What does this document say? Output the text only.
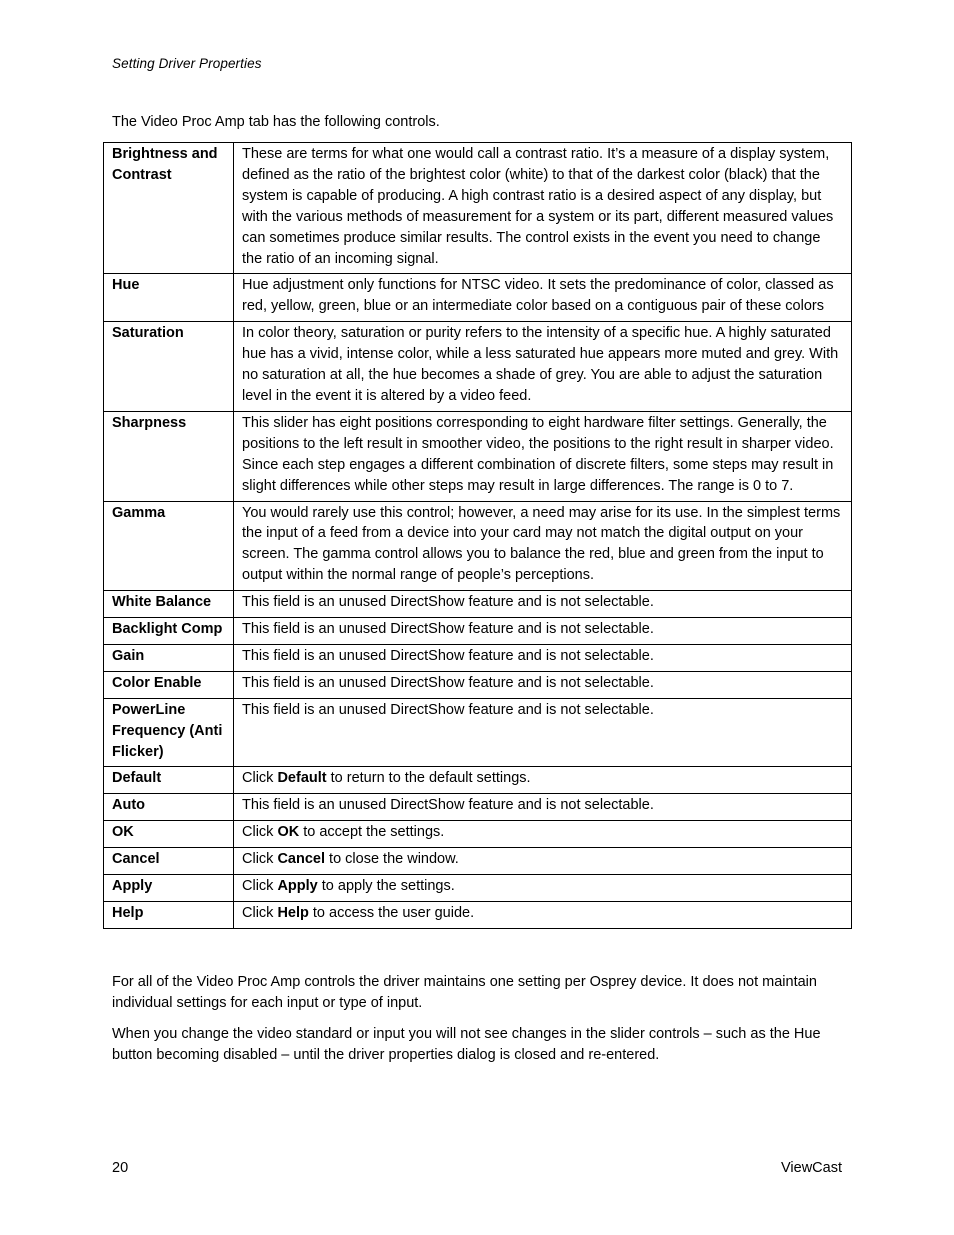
Setting Driver Properties
The Video Proc Amp tab has the following controls.
Brightness and Contrast	These are terms for what one would call a contrast ratio. It’s a measure of a display system, defined as the ratio of the brightest color (white) to that of the darkest color (black) that the system is capable of producing. A high contrast ratio is a desired aspect of any display, but with the various methods of measurement for a system or its part, different measured values can sometimes produce similar results. The control exists in the event you need to change the ratio of an incoming signal.
Hue	Hue adjustment only functions for NTSC video. It sets the predominance of color, classed as red, yellow, green, blue or an intermediate color based on a contiguous pair of these colors
Saturation	In color theory, saturation or purity refers to the intensity of a specific hue. A highly saturated hue has a vivid, intense color, while a less saturated hue appears more muted and grey. With no saturation at all, the hue becomes a shade of grey. You are able to adjust the saturation level in the event it is altered by a video feed.
Sharpness	This slider has eight positions corresponding to eight hardware filter settings. Generally, the positions to the left result in smoother video, the positions to the right result in sharper video. Since each step engages a different combination of discrete filters, some steps may result in slight differences while other steps may result in large differences. The range is 0 to 7.
Gamma	You would rarely use this control; however, a need may arise for its use. In the simplest terms the input of a feed from a device into your card may not match the digital output on your screen. The gamma control allows you to balance the red, blue and green from the input to output within the normal range of people’s perceptions.
White Balance	This field is an unused DirectShow feature and is not selectable.
Backlight Comp	This field is an unused DirectShow feature and is not selectable.
Gain	This field is an unused DirectShow feature and is not selectable.
Color Enable	This field is an unused DirectShow feature and is not selectable.
PowerLine Frequency (Anti Flicker)	This field is an unused DirectShow feature and is not selectable.
Default	Click Default to return to the default settings.
Auto	This field is an unused DirectShow feature and is not selectable.
OK	Click OK to accept the settings.
Cancel	Click Cancel to close the window.
Apply	Click Apply to apply the settings.
Help	Click Help to access the user guide.
For all of the Video Proc Amp controls the driver maintains one setting per Osprey device. It does not maintain individual settings for each input or type of input.
When you change the video standard or input you will not see changes in the slider controls – such as the Hue button becoming disabled – until the driver properties dialog is closed and re-entered.
20	ViewCast
